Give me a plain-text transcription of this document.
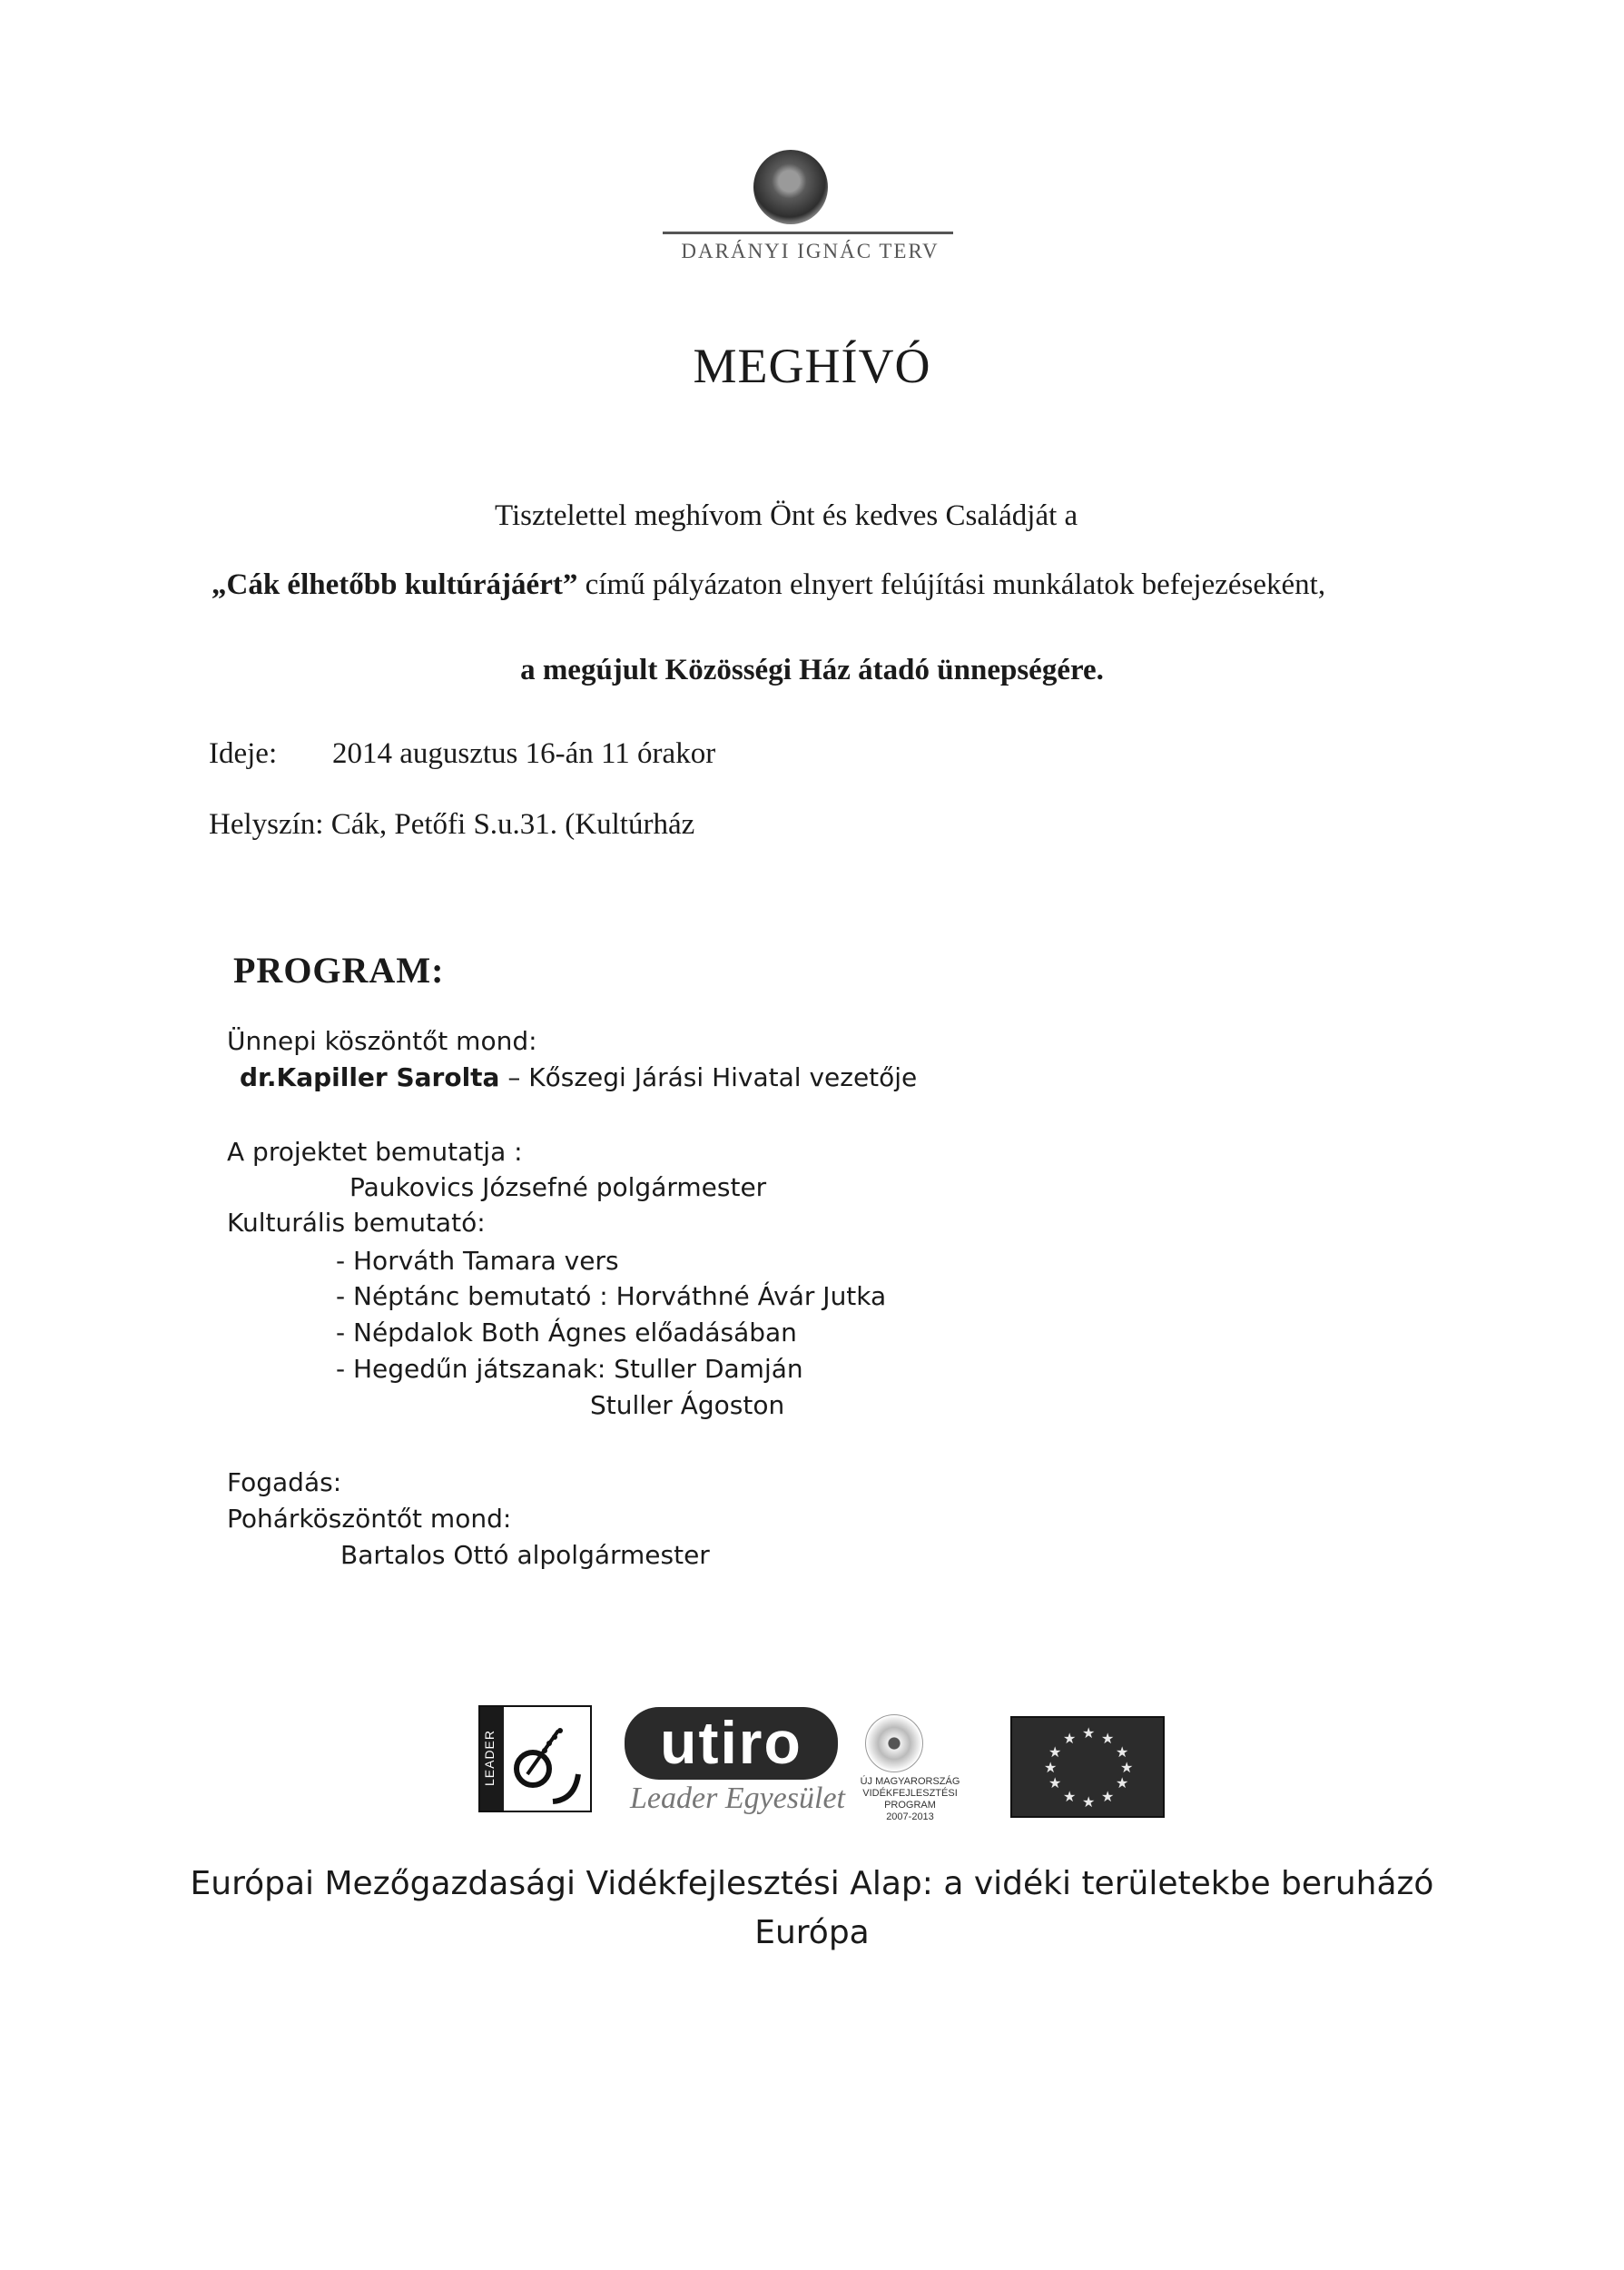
DARÁNYI IGNÁC TERV
MEGHÍVÓ
Tisztelettel meghívom Önt és kedves Családját a
„Cák élhetőbb kultúrájáért” című pályázaton elnyert felújítási munkálatok befejezéseként,
a megújult Közösségi Ház átadó ünnepségére.
Ideje: 2014 augusztus 16-án 11 órakor
Helyszín: Cák, Petőfi S.u.31. (Kultúrház
PROGRAM:
Ünnepi köszöntőt mond:
dr.Kapiller Sarolta – Kőszegi Járási Hivatal vezetője
A projektet bemutatja :
Paukovics Józsefné polgármester
Kulturális bemutató:
- Horváth Tamara vers
- Néptánc bemutató : Horváthné Ávár Jutka
- Népdalok Both Ágnes előadásában
- Hegedűn játszanak: Stuller Damján
Stuller Ágoston
Fogadás:
Pohárköszöntőt mond:
Bartalos Ottó alpolgármester
LEADER	utiro
Leader Egyesület	ÚJ MAGYARORSZÁG
VIDÉKFEJLESZTÉSI PROGRAM
2007-2013
★ ★
★
★
★
★
★
★
★
★
★
★
Európai Mezőgazdasági Vidékfejlesztési Alap: a vidéki területekbe beruházó
Európa
